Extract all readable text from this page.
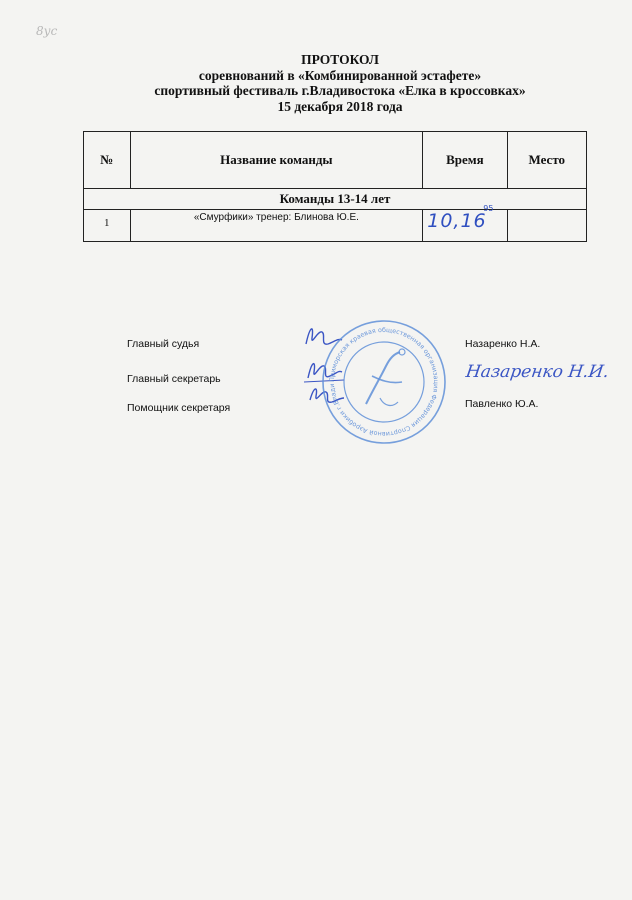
8ус
ПРОТОКОЛ
соревнований в «Комбинированной эстафете»
спортивный фестиваль г.Владивостока «Елка в кроссовках»
15 декабря 2018 года
№	Название команды	Время	Место
Команды 13-14 лет			
1	«Смурфики» тренер: Блинова Ю.Е.	10,16
95	

Главный судья
Главный секретарь
Помощник секретаря
Назаренко Н.А.
Павленко Ю.А.
Назаренко Н.И.
Приморская краевая общественная организация Федерация Спортивной Аэробики г.Влади
